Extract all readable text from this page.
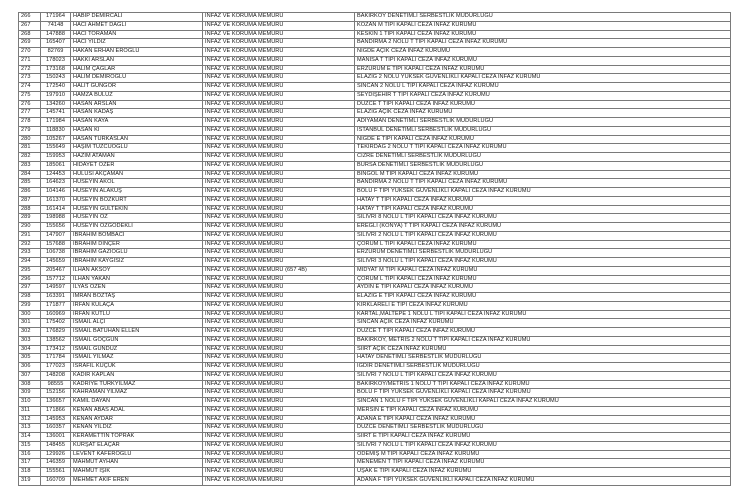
266	171964	HABİP DEMİRCALI	İNFAZ VE KORUMA MEMURU	BAKIRKÖY DENETİMLİ SERBESTLİK MÜDÜRLÜĞÜ
267	74148	HACI AHMET DAĞLI	İNFAZ VE KORUMA MEMURU	KOZAN M TİPİ KAPALI CEZA İNFAZ KURUMU
268	147888	HACI TORAMAN	İNFAZ VE KORUMA MEMURU	KESKİN 1 TİPİ KAPALI CEZA İNFAZ KURUMU
269	165407	HACI YILDIZ	İNFAZ VE KORUMA MEMURU	BANDIRMA 2 NOLU T TİPİ KAPALI CEZA İNFAZ KURUMU
270	82769	HAKAN ERHAN EROĞLU	İNFAZ VE KORUMA MEMURU	NİĞDE AÇIK CEZA İNFAZ KURUMU
271	178023	HAKKI ARSLAN	İNFAZ VE KORUMA MEMURU	MANİSA T TİPİ KAPALI CEZA İNFAZ KURUMU
272	173168	HALİM ÇAĞLAR	İNFAZ VE KORUMA MEMURU	ERZURUM E TİPİ KAPALI CEZA İNFAZ KURUMU
273	150243	HALİM DEMİROĞLU	İNFAZ VE KORUMA MEMURU	ELAZIĞ 2 NOLU YÜKSEK GÜVENLİKLİ KAPALI CEZA İNFAZ KURUMU
274	172540	HALİT GÜNGÖR	İNFAZ VE KORUMA MEMURU	SİNCAN 2 NOLU L TİPİ KAPALI CEZA İNFAZ KURUMU
275	197910	HAMZA BULUZ	İNFAZ VE KORUMA MEMURU	SEYDİŞEHİR T TİPİ KAPALI CEZA İNFAZ KURUMU
276	134260	HASAN ARSLAN	İNFAZ VE KORUMA MEMURU	DÜZCE T TİPİ KAPALI CEZA İNFAZ KURUMU
277	145741	HASAN KADAŞ	İNFAZ VE KORUMA MEMURU	ELAZIĞ AÇIK CEZA İNFAZ KURUMU
278	171984	HASAN KAYA	İNFAZ VE KORUMA MEMURU	ADIYAMAN DENETİMLİ SERBESTLİK MÜDÜRLÜĞÜ
279	118830	HASAN Kİ	İNFAZ VE KORUMA MEMURU	İSTANBUL DENETİMLİ SERBESTLİK MÜDÜRLÜĞÜ
280	105267	HASAN TÜRKASLAN	İNFAZ VE KORUMA MEMURU	NİĞDE E TİPİ KAPALI CEZA İNFAZ KURUMU
281	155649	HAŞİM TUZCUOĞLU	İNFAZ VE KORUMA MEMURU	TEKİRDAĞ 2 NOLU T TİPİ KAPALI CEZA İNFAZ KURUMU
282	159953	HAZIM ATAMAN	İNFAZ VE KORUMA MEMURU	CİZRE DENETİMLİ SERBESTLİK MÜDÜRLÜĞÜ
283	185061	HİDAYET ÖZER	İNFAZ VE KORUMA MEMURU	BURSA DENETİMLİ SERBESTLİK MÜDÜRLÜĞÜ
284	124453	HULUSİ AKÇAMAN	İNFAZ VE KORUMA MEMURU	BİNGÖL M TİPİ KAPALI CEZA İNFAZ KURUMU
285	164623	HÜSEYİN AKOL	İNFAZ VE KORUMA MEMURU	BANDIRMA 2 NOLU T TİPİ KAPALI CEZA İNFAZ KURUMU
286	104146	HÜSEYİN ALAKUŞ	İNFAZ VE KORUMA MEMURU	BOLU F TİPİ YÜKSEK GÜVENLİKLİ KAPALI CEZA İNFAZ KURUMU
287	161370	HÜSEYİN BOZKURT	İNFAZ VE KORUMA MEMURU	HATAY T TİPİ KAPALI CEZA İNFAZ KURUMU
288	161414	HÜSEYİN GÜLTEKİN	İNFAZ VE KORUMA MEMURU	HATAY T TİPİ KAPALI CEZA İNFAZ KURUMU
289	198988	HÜSEYİN ÖZ	İNFAZ VE KORUMA MEMURU	SİLİVRİ 8 NOLU L TİPİ KAPALI CEZA İNFAZ KURUMU
290	155656	HÜSEYİN ÖZGÖDEKLİ	İNFAZ VE KORUMA MEMURU	EREĞLİ (KONYA) T TİPİ KAPALI CEZA İNFAZ KURUMU
291	147907	İBRAHİM BOMBACI	İNFAZ VE KORUMA MEMURU	SİLİVRİ 2 NOLU L TİPİ KAPALI CEZA İNFAZ KURUMU
292	157688	İBRAHİM DİNÇER	İNFAZ VE KORUMA MEMURU	ÇORUM L TİPİ KAPALI CEZA İNFAZ KURUMU
293	106738	İBRAHİM GAZİOĞLU	İNFAZ VE KORUMA MEMURU	ERZURUM DENETİMLİ SERBESTLİK MÜDÜRLÜĞÜ
294	145659	İBRAHİM KAYGISIZ	İNFAZ VE KORUMA MEMURU	SİLİVRİ 3 NOLU L TİPİ KAPALI CEZA İNFAZ KURUMU
295	205467	İLHAN AKSOY	İNFAZ VE KORUMA MEMURU (657 4B)	MİDYAT M TİPİ KAPALI CEZA İNFAZ KURUMU
296	157712	İLHAN YAKAN	İNFAZ VE KORUMA MEMURU	ÇORUM L TİPİ KAPALI CEZA İNFAZ KURUMU
297	149597	İLYAS ÖZEN	İNFAZ VE KORUMA MEMURU	AYDIN E TİPİ KAPALI CEZA İNFAZ KURUMU
298	163391	İMRAN BOZTAŞ	İNFAZ VE KORUMA MEMURU	ELAZIĞ E TİPİ KAPALI CEZA İNFAZ KURUMU
299	171877	İRFAN KULAÇA	İNFAZ VE KORUMA MEMURU	KIRKLARELİ E TİPİ CEZA İNFAZ KURUMU
300	160969	İRFAN KUTLU	İNFAZ VE KORUMA MEMURU	KARTAL,MALTEPE 1 NOLU L TİPİ KAPALI CEZA İNFAZ KURUMU
301	175402	İSMAİL ALÇI	İNFAZ VE KORUMA MEMURU	SİNCAN AÇIK CEZA İNFAZ KURUMU
302	176829	İSMAİL BATUHAN ELLEN	İNFAZ VE KORUMA MEMURU	DÜZCE T TİPİ KAPALI CEZA İNFAZ KURUMU
303	138562	İSMAİL GÖÇGÜN	İNFAZ VE KORUMA MEMURU	BAKIRKÖY, METRİS 2 NOLU T TİPİ KAPALI CEZA İNFAZ KURUMU
304	173412	İSMAİL GÜNDÜZ	İNFAZ VE KORUMA MEMURU	SİİRT AÇIK CEZA İNFAZ KURUMU
305	171784	İSMAİL YILMAZ	İNFAZ VE KORUMA MEMURU	HATAY DENETİMLİ SERBESTLİK MÜDÜRLÜĞÜ
306	177023	İSRAFİL KÜÇÜK	İNFAZ VE KORUMA MEMURU	İĞDIR DENETİMLİ SERBESTLİK MÜDÜRLÜĞÜ
307	148208	KADİR KAPLAN	İNFAZ VE KORUMA MEMURU	SİLİVRİ 7 NOLU L TİPİ KAPALI CEZA İNFAZ KURUMU
308	98555	KADRİYE TÜRKYILMAZ	İNFAZ VE KORUMA MEMURU	BAKIRKÖY/METRİS 1 NOLU T TİPİ KAPALI CEZA İNFAZ KURUMU
309	152156	KAHRAMAN YILMAZ	İNFAZ VE KORUMA MEMURU	BOLU F TİPİ YÜKSEK GÜVENLİKLİ KAPALI CEZA İNFAZ KURUMU
310	136657	KAMİL DAYAN	İNFAZ VE KORUMA MEMURU	SİNCAN 1 NOLU F TİPİ YÜKSEK GÜVENLİKLİ KAPALI CEZA İNFAZ KURUMU
311	171866	KENAN ABAS ADAL	İNFAZ VE KORUMA MEMURU	MERSİN E TİPİ KAPALI CEZA İNFAZ KURUMU
312	145953	KENAN AYDAR	İNFAZ VE KORUMA MEMURU	ADANA E TİPİ KAPALI CEZA İNFAZ KURUMU
313	160357	KENAN YILDIZ	İNFAZ VE KORUMA MEMURU	DÜZCE DENETİMLİ SERBESTLİK MÜDÜRLÜĞÜ
314	136001	KERAMETTİN TOPRAK	İNFAZ VE KORUMA MEMURU	SİİRT E TİPİ KAPALI CEZA İNFAZ KURUMU
315	148455	KÜRŞAT ELAÇAR	İNFAZ VE KORUMA MEMURU	SİLİVRİ 7 NOLU L TİPİ KAPALI CEZA İNFAZ KURUMU
316	129926	LEVENT KAFEROĞLU	İNFAZ VE KORUMA MEMURU	ÖDEMİŞ M TİPİ KAPALI CEZA İNFAZ KURUMU
317	146359	MAHMUT AYHAN	İNFAZ VE KORUMA MEMURU	MENEMEN T TİPİ KAPALI CEZA İNFAZ KURUMU
318	155561	MAHMUT IŞIK	İNFAZ VE KORUMA MEMURU	UŞAK E TİPİ KAPALI CEZA İNFAZ KURUMU
319	160709	MEHMET AKİF EREN	İNFAZ VE KORUMA MEMURU	ADANA F TİPİ YÜKSEK GÜVENLİKLİ KAPALI CEZA İNFAZ KURUMU
